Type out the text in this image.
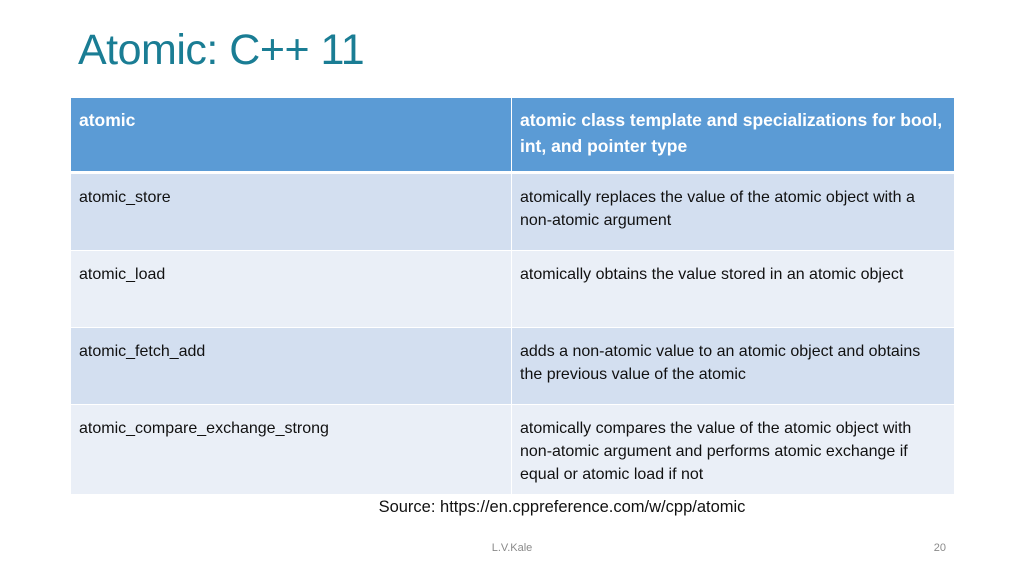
Atomic: C++ 11
atomic	atomic class template and specializations for bool, int, and pointer type
atomic_store	atomically replaces the value of the atomic object with a non-atomic argument
atomic_load	atomically obtains the value stored in an atomic object
atomic_fetch_add	adds a non-atomic value to an atomic object and obtains the previous value of the atomic
atomic_compare_exchange_strong	atomically compares the value of the atomic object with non-atomic argument and performs atomic exchange if equal or atomic load if not
Source: https://en.cppreference.com/w/cpp/atomic
L.V.Kale	20
